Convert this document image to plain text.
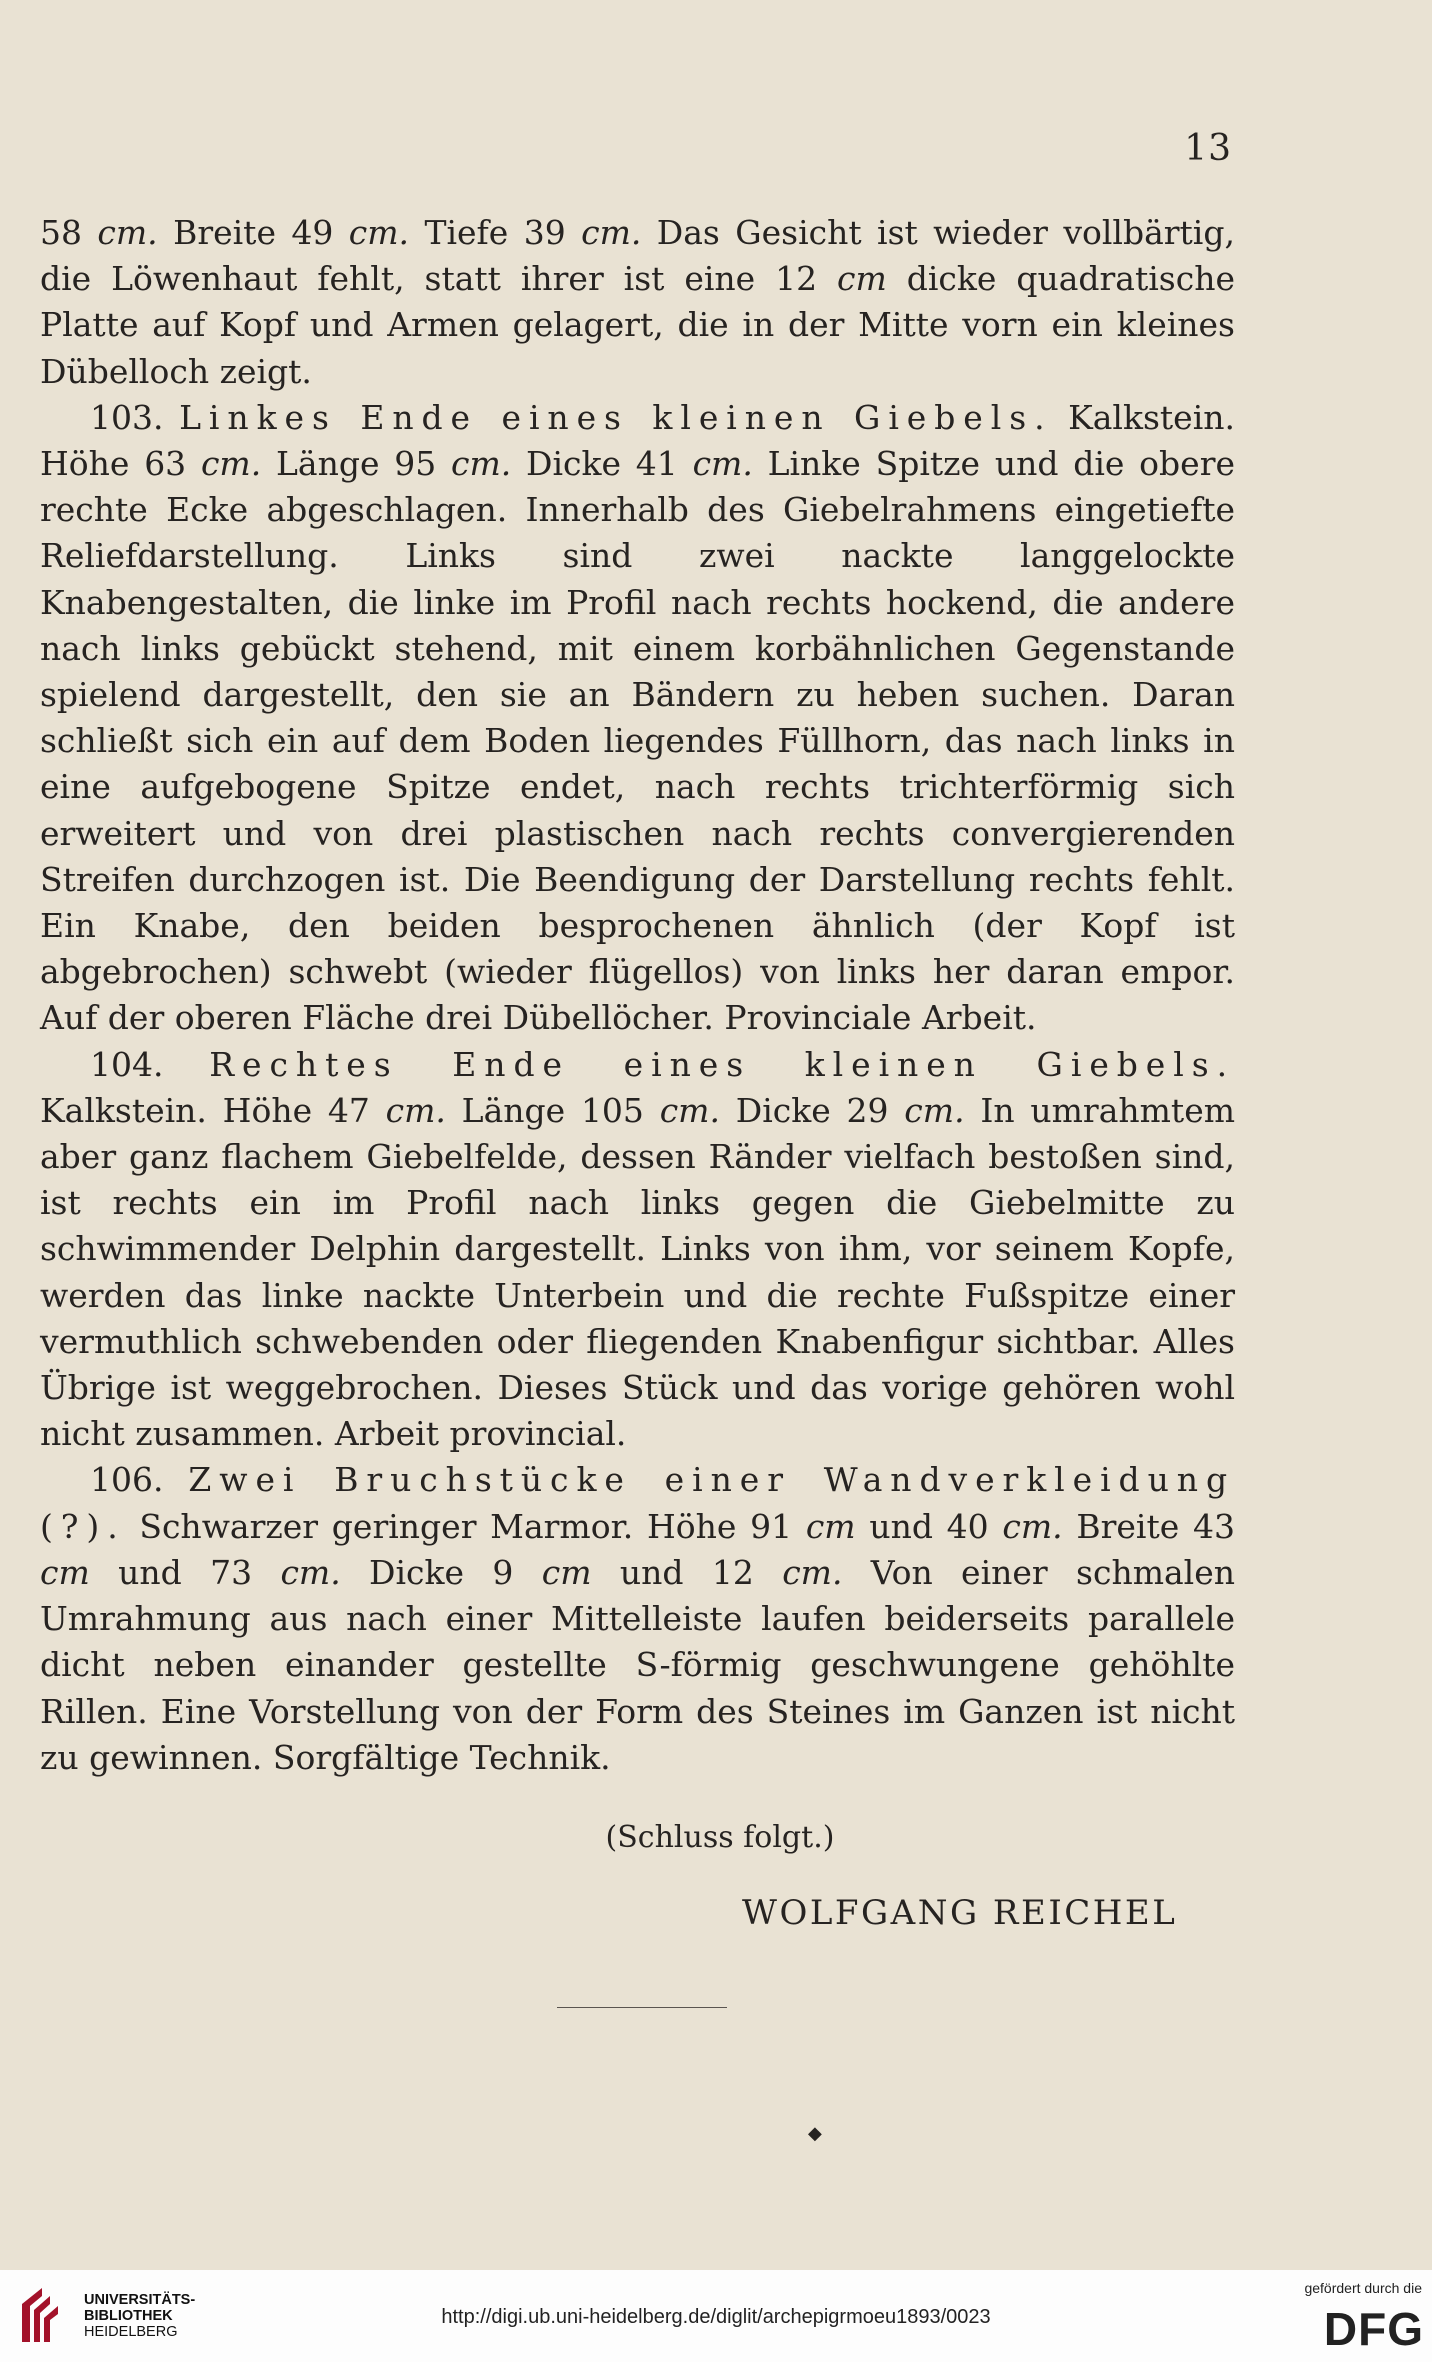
13

58 cm. Breite 49 cm. Tiefe 39 cm. Das Gesicht ist wieder vollbärtig, die Löwenhaut fehlt, statt ihrer ist eine 12 cm dicke quadratische Platte auf Kopf und Armen gelagert, die in der Mitte vorn ein kleines Dübelloch zeigt.

103. Linkes Ende eines kleinen Giebels. Kalkstein. Höhe 63 cm. Länge 95 cm. Dicke 41 cm. Linke Spitze und die obere rechte Ecke abgeschlagen. Innerhalb des Giebelrahmens eingetiefte Reliefdarstellung. Links sind zwei nackte langgelockte Knabengestalten, die linke im Profil nach rechts hockend, die andere nach links gebückt stehend, mit einem korbähnlichen Gegenstande spielend dargestellt, den sie an Bändern zu heben suchen. Daran schließt sich ein auf dem Boden liegendes Füllhorn, das nach links in eine aufgebogene Spitze endet, nach rechts trichterförmig sich erweitert und von drei plastischen nach rechts convergierenden Streifen durchzogen ist. Die Beendigung der Darstellung rechts fehlt. Ein Knabe, den beiden besprochenen ähnlich (der Kopf ist abgebrochen) schwebt (wieder flügellos) von links her daran empor. Auf der oberen Fläche drei Dübellöcher. Provinciale Arbeit.

104. Rechtes Ende eines kleinen Giebels. Kalkstein. Höhe 47 cm. Länge 105 cm. Dicke 29 cm. In umrahmtem aber ganz flachem Giebelfelde, dessen Ränder vielfach bestoßen sind, ist rechts ein im Profil nach links gegen die Giebelmitte zu schwimmender Delphin dargestellt. Links von ihm, vor seinem Kopfe, werden das linke nackte Unterbein und die rechte Fußspitze einer vermuthlich schwebenden oder fliegenden Knabenfigur sichtbar. Alles Übrige ist weggebrochen. Dieses Stück und das vorige gehören wohl nicht zusammen. Arbeit provincial.

106. Zwei Bruchstücke einer Wandverkleidung (?). Schwarzer geringer Marmor. Höhe 91 cm und 40 cm. Breite 43 cm und 73 cm. Dicke 9 cm und 12 cm. Von einer schmalen Umrahmung aus nach einer Mittelleiste laufen beiderseits parallele dicht neben einander gestellte S-förmig geschwungene gehöhlte Rillen. Eine Vorstellung von der Form des Steines im Ganzen ist nicht zu gewinnen. Sorgfältige Technik.

(Schluss folgt.)
WOLFGANG REICHEL
◆
UNIVERSITÄTS-
BIBLIOTHEK
HEIDELBERG
http://digi.ub.uni-heidelberg.de/diglit/archepigrmoeu1893/0023
gefördert durch die
DFG
